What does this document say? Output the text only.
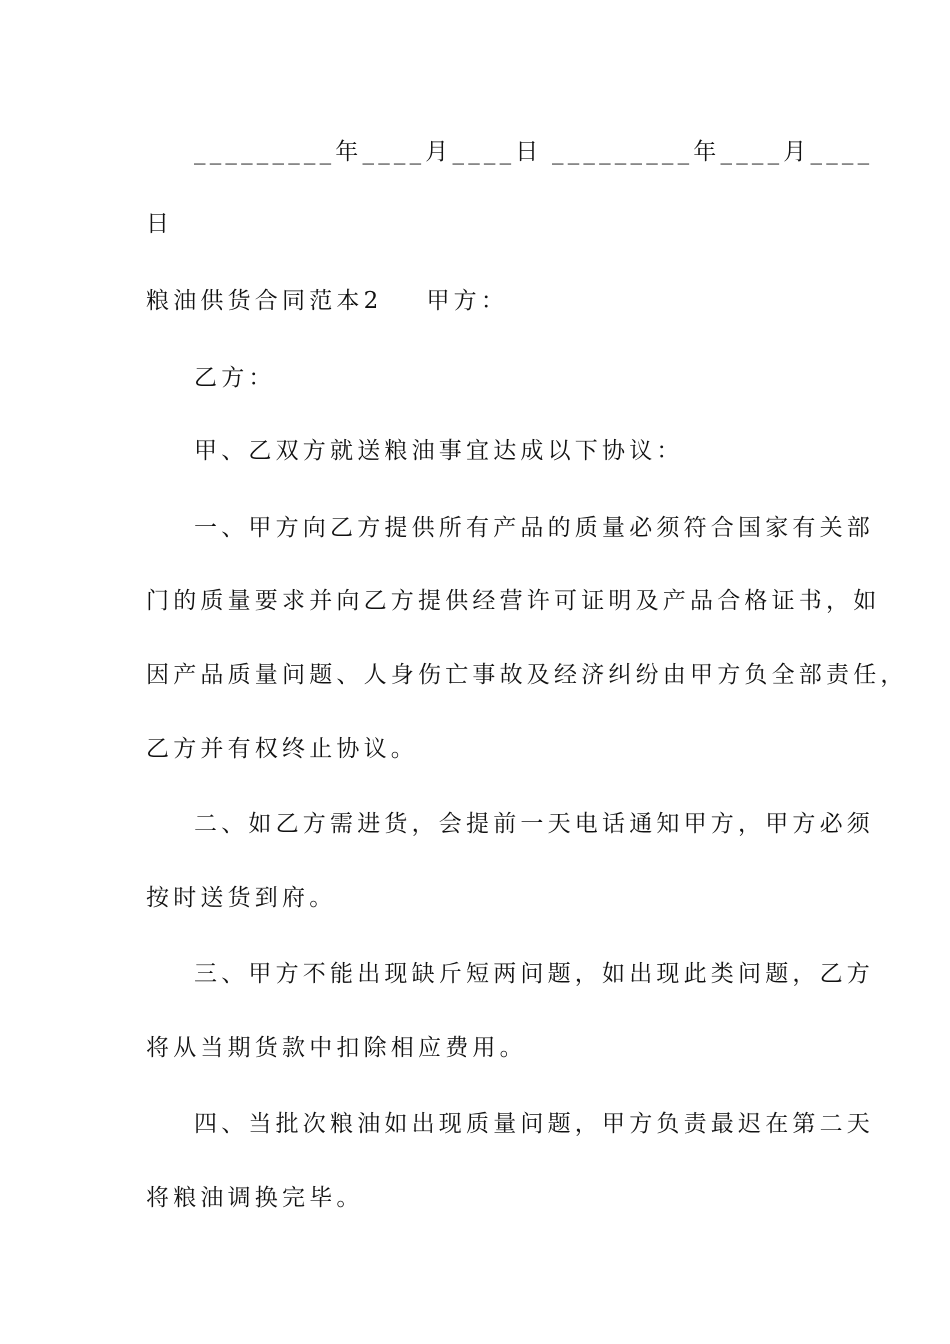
_________年____月____日 _________年____月____
日
粮油供货合同范本2 甲方：
乙方：
甲、乙双方就送粮油事宜达成以下协议：
一、甲方向乙方提供所有产品的质量必须符合国家有关部
门的质量要求并向乙方提供经营许可证明及产品合格证书，如
因产品质量问题、人身伤亡事故及经济纠纷由甲方负全部责任，
乙方并有权终止协议。
二、如乙方需进货，会提前一天电话通知甲方，甲方必须
按时送货到府。
三、甲方不能出现缺斤短两问题，如出现此类问题，乙方
将从当期货款中扣除相应费用。
四、当批次粮油如出现质量问题，甲方负责最迟在第二天
将粮油调换完毕。
